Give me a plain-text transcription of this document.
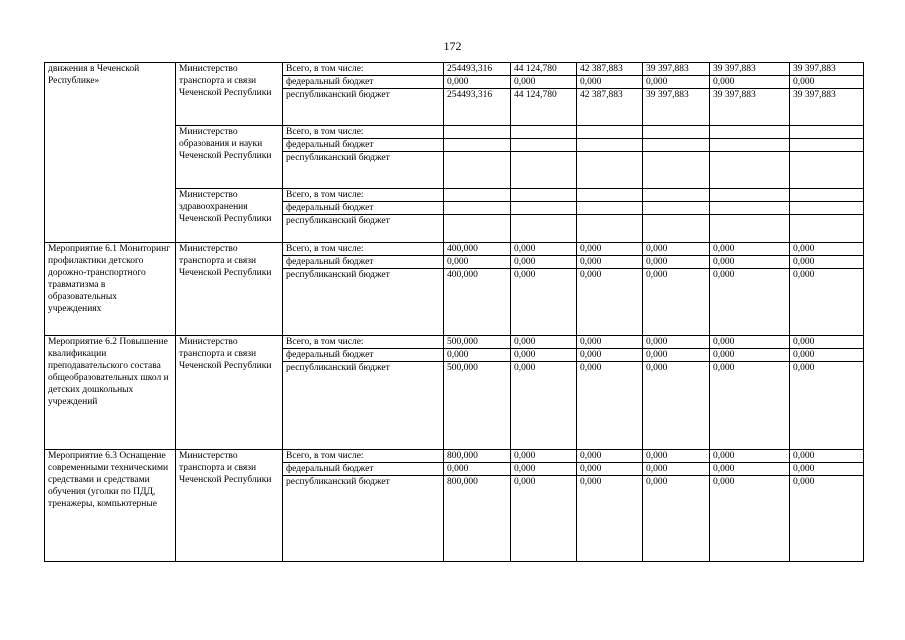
172
движения в Чеченской Республике»	Министерство транспорта и связи Чеченской Республики	Всего, в том числе:	254493,316	44 124,780	42 387,883	39 397,883	39 397,883	39 397,883
		федеральный бюджет	0,000	0,000	0,000	0,000	0,000	0,000
		республиканский бюджет	254493,316	44 124,780	42 387,883	39 397,883	39 397,883	39 397,883
	Министерство образования и науки Чеченской Республики	Всего, в том числе:						
		федеральный бюджет						
		республиканский бюджет						
	Министерство здравоохранения Чеченской Республики	Всего, в том числе:						
		федеральный бюджет						
		республиканский бюджет						
Мероприятие 6.1 Мониторинг профилактики детского дорожно-транспортного травматизма в образовательных учреждениях	Министерство транспорта и связи Чеченской Республики	Всего, в том числе:	400,000	0,000	0,000	0,000	0,000	0,000
		федеральный бюджет	0,000	0,000	0,000	0,000	0,000	0,000
		республиканский бюджет	400,000	0,000	0,000	0,000	0,000	0,000
Мероприятие 6.2 Повышение квалификации преподавательского состава общеобразовательных школ и детских дошкольных учреждений	Министерство транспорта и связи Чеченской Республики	Всего, в том числе:	500,000	0,000	0,000	0,000	0,000	0,000
		федеральный бюджет	0,000	0,000	0,000	0,000	0,000	0,000
		республиканский бюджет	500,000	0,000	0,000	0,000	0,000	0,000
Мероприятие 6.3 Оснащение современными техническими средствами и средствами обучения (уголки по ПДД, тренажеры, компьютерные	Министерство транспорта и связи Чеченской Республики	Всего, в том числе:	800,000	0,000	0,000	0,000	0,000	0,000
		федеральный бюджет	0,000	0,000	0,000	0,000	0,000	0,000
		республиканский бюджет	800,000	0,000	0,000	0,000	0,000	0,000
